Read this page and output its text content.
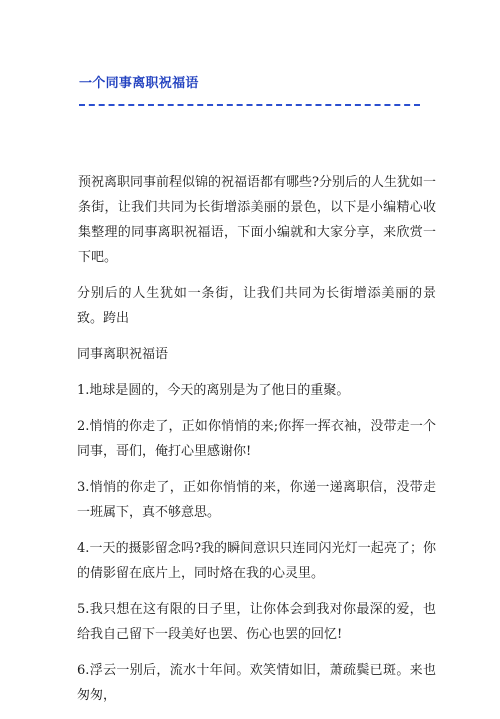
一个同事离职祝福语

预祝离职同事前程似锦的祝福语都有哪些?分别后的人生犹如一条街，让我们共同为长街增添美丽的景色，以下是小编精心收集整理的同事离职祝福语，下面小编就和大家分享，来欣赏一下吧。

分别后的人生犹如一条街，让我们共同为长街增添美丽的景致。跨出

同事离职祝福语

1.地球是圆的，今天的离别是为了他日的重聚。

2.悄悄的你走了，正如你悄悄的来;你挥一挥衣袖，没带走一个同事，哥们，俺打心里感谢你!

3.悄悄的你走了，正如你悄悄的来，你递一递离职信，没带走一班属下，真不够意思。

4.一天的摄影留念吗?我的瞬间意识只连同闪光灯一起亮了；你的倩影留在底片上，同时烙在我的心灵里。

5.我只想在这有限的日子里，让你体会到我对你最深的爱，也给我自己留下一段美好也罢、伤心也罢的回忆!

6.浮云一别后，流水十年间。欢笑情如旧，萧疏鬓已斑。来也匆匆，
